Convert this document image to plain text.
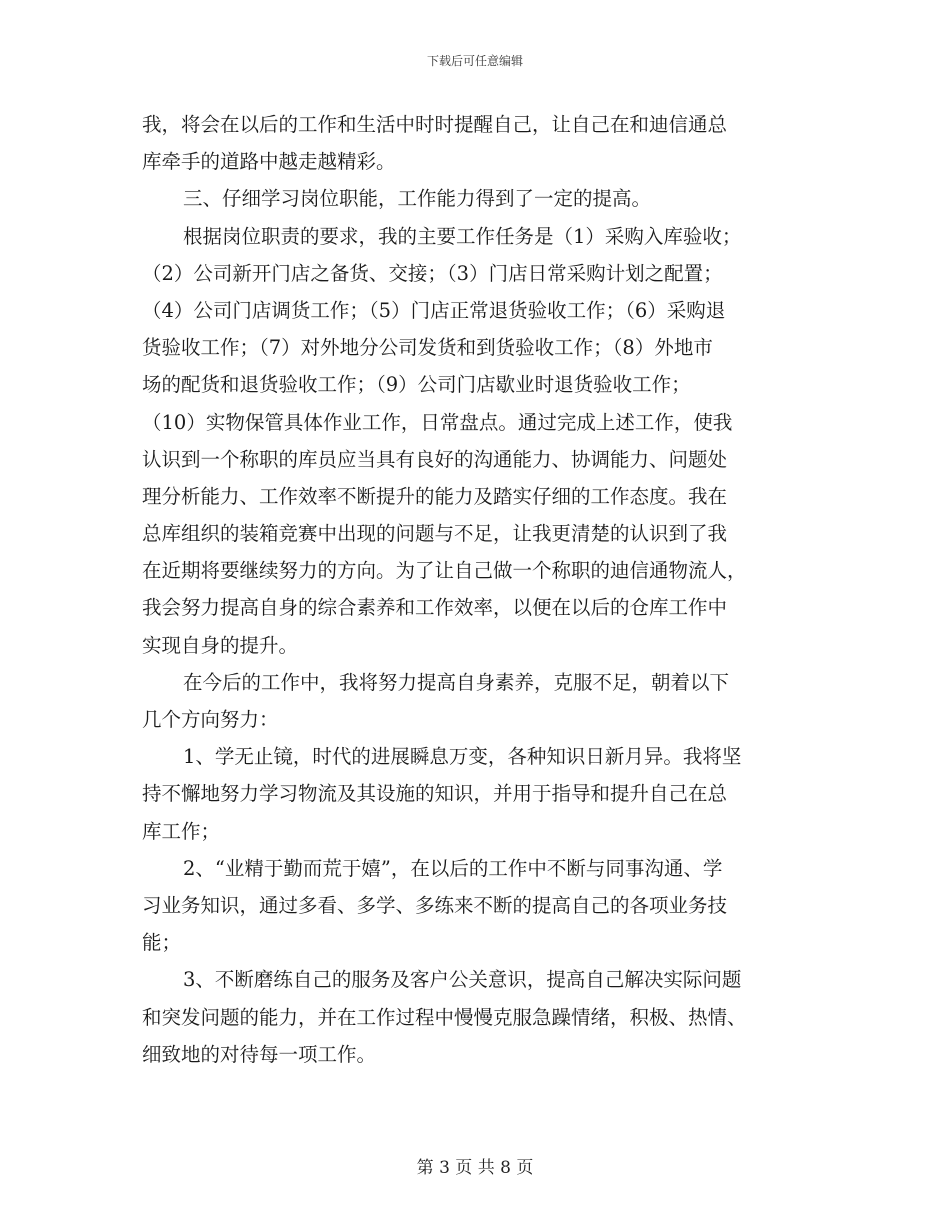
下载后可任意编辑
我，将会在以后的工作和生活中时时提醒自己，让自己在和迪信通总
库牵手的道路中越走越精彩。
三、仔细学习岗位职能，工作能力得到了一定的提高。
根据岗位职责的要求，我的主要工作任务是（1）采购入库验收；
（2）公司新开门店之备货、交接；（3）门店日常采购计划之配置；
（4）公司门店调货工作；（5）门店正常退货验收工作；（6）采购退
货验收工作；（7）对外地分公司发货和到货验收工作；（8）外地市
场的配货和退货验收工作；（9）公司门店歇业时退货验收工作；
（10）实物保管具体作业工作，日常盘点。通过完成上述工作，使我
认识到一个称职的库员应当具有良好的沟通能力、协调能力、问题处
理分析能力、工作效率不断提升的能力及踏实仔细的工作态度。我在
总库组织的装箱竞赛中出现的问题与不足，让我更清楚的认识到了我
在近期将要继续努力的方向。为了让自己做一个称职的迪信通物流人，
我会努力提高自身的综合素养和工作效率，以便在以后的仓库工作中
实现自身的提升。
在今后的工作中，我将努力提高自身素养，克服不足，朝着以下
几个方向努力：
1、学无止镜，时代的进展瞬息万变，各种知识日新月异。我将坚
持不懈地努力学习物流及其设施的知识，并用于指导和提升自己在总
库工作；
2、“业精于勤而荒于嬉”，在以后的工作中不断与同事沟通、学
习业务知识，通过多看、多学、多练来不断的提高自己的各项业务技
能；
3、不断磨练自己的服务及客户公关意识，提高自己解决实际问题
和突发问题的能力，并在工作过程中慢慢克服急躁情绪，积极、热情、
细致地的对待每一项工作。
第 3 页 共 8 页
